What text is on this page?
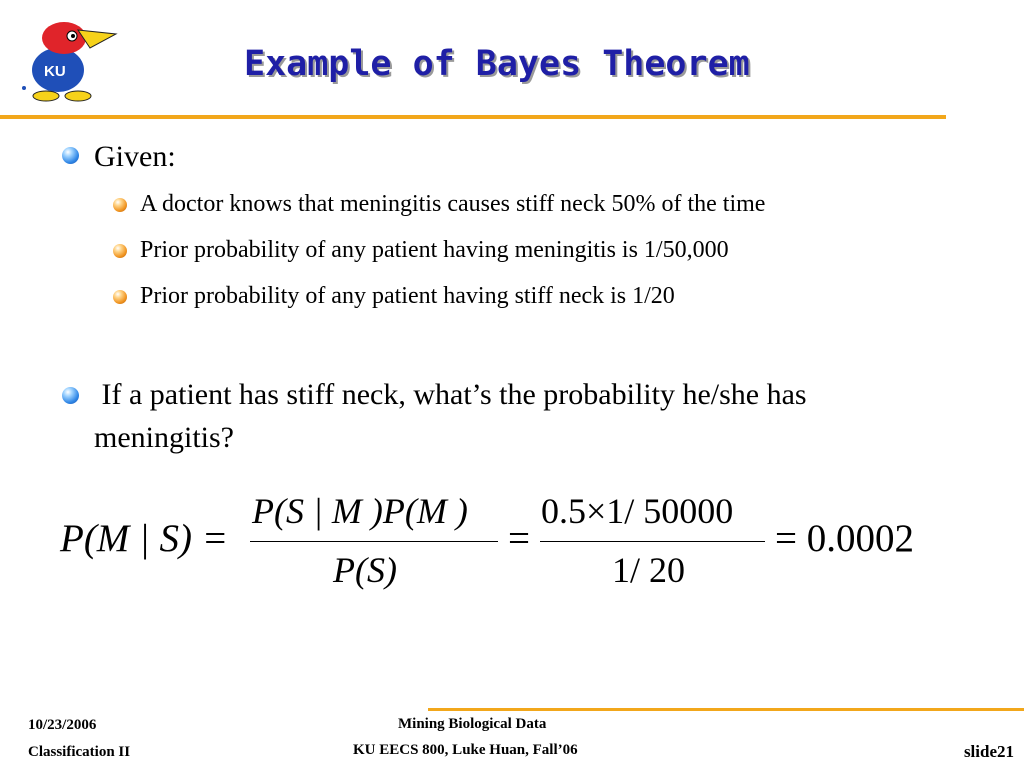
KU	Example of Bayes Theorem
Given:
A doctor knows that meningitis causes stiff neck 50% of the time
Prior probability of any patient having meningitis is 1/50,000
Prior probability of any patient having stiff neck is 1/20
If a patient has stiff neck, what’s the probability he/she has
meningitis?
P(M | S) =
P(S | M )P(M )
P(S)
=
0.5×1/ 50000
1/ 20
= 0.0002
10/23/2006
Classification II
Mining Biological Data
KU EECS 800, Luke Huan, Fall’06	slide21
